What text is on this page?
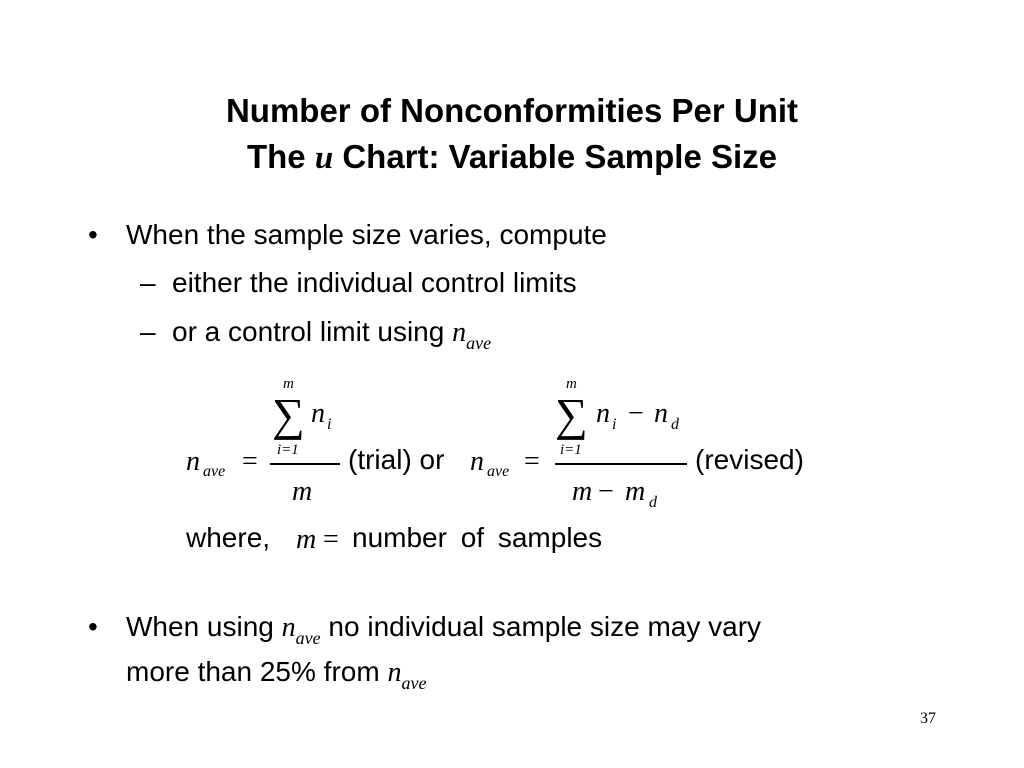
Number of Nonconformities Per Unit
The u Chart: Variable Sample Size
• When the sample size varies, compute
– either the individual control limits
– or a control limit using $n_{ave}$
n ave =
m
∑ n i
i=1
m
(trial) or n ave =
m
∑ n i − n d
i=1
m − m d
(revised)
where, m = number of samples
• When using $n_{ave}$ no individual sample size may vary
more than 25% from $n_{ave}$
37
